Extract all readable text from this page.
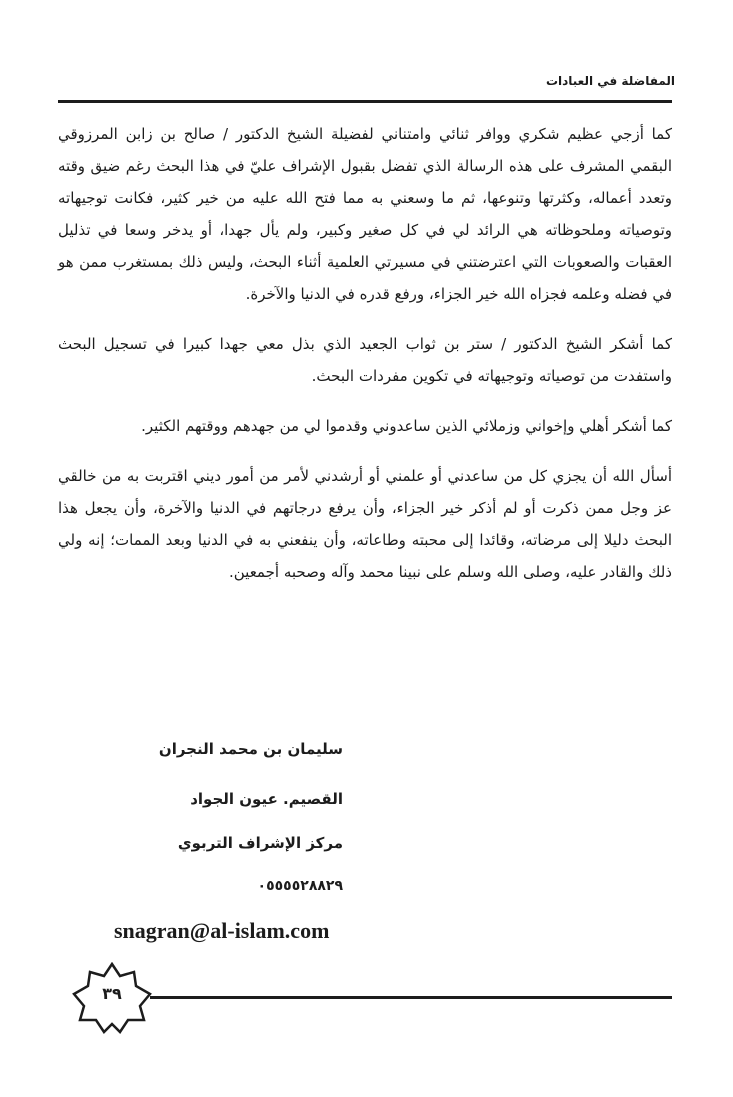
المفاضلة في العبادات

كما أزجي عظيم شكري ووافر ثنائي وامتناني لفضيلة الشيخ الدكتور / صالح بن زابن المرزوقي البقمي المشرف على هذه الرسالة الذي تفضل بقبول الإشراف عليّ في هذا البحث رغم ضيق وقته وتعدد أعماله، وكثرتها وتنوعها، ثم ما وسعني به مما فتح الله عليه من خير كثير، فكانت توجيهاته وتوصياته وملحوظاته هي الرائد لي في كل صغير وكبير، ولم يأل جهدا، أو يدخر وسعا في تذليل العقبات والصعوبات التي اعترضتني في مسيرتي العلمية أثناء البحث، وليس ذلك بمستغرب ممن هو في فضله وعلمه فجزاه الله خير الجزاء، ورفع قدره في الدنيا والآخرة.

كما أشكر الشيخ الدكتور / ستر بن ثواب الجعيد الذي بذل معي جهدا كبيرا في تسجيل البحث واستفدت من توصياته وتوجيهاته في تكوين مفردات البحث.

كما أشكر أهلي وإخواني وزملائي الذين ساعدوني وقدموا لي من جهدهم ووقتهم الكثير.

أسأل الله أن يجزي كل من ساعدني أو علمني أو أرشدني لأمر من أمور ديني اقتربت به من خالقي عز وجل ممن ذكرت أو لم أذكر خير الجزاء، وأن يرفع درجاتهم في الدنيا والآخرة، وأن يجعل هذا البحث دليلا إلى مرضاته، وقائدا إلى محبته وطاعاته، وأن ينفعني به في الدنيا وبعد الممات؛ إنه ولي ذلك والقادر عليه، وصلى الله وسلم على نبينا محمد وآله وصحبه أجمعين.

سليمان بن محمد النجران
القصيم. عيون الجواد
مركز الإشراف التربوي
٠٥٥٥٥٢٨٨٢٩
snagran@al-islam.com
٣٩
